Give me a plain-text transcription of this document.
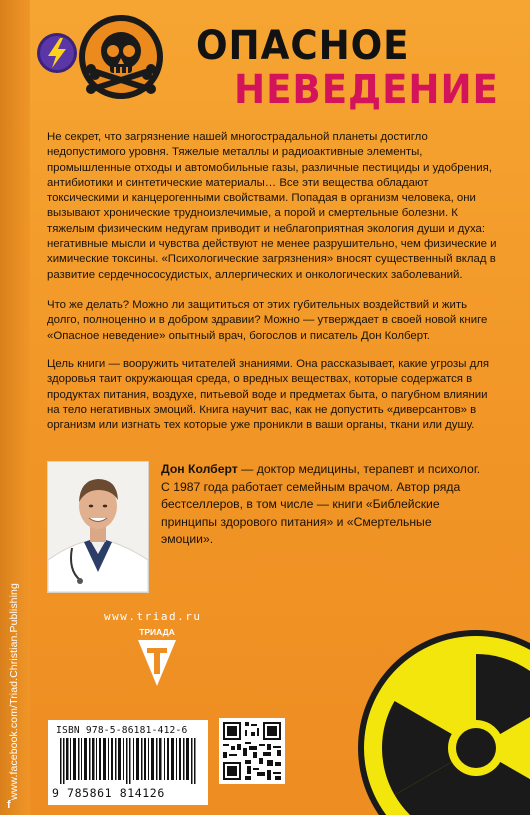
ОПАСНОЕ
НЕВЕДЕНИЕ
Не секрет, что загрязнение нашей многострадальной планеты достигло недопустимого уровня. Тяжелые металлы и радиоактивные элементы, промышленные отходы и автомобильные газы, различные пестициды и удобрения, антибиотики и синтетические материалы… Все эти вещества обладают токсическими и канцерогенными свойствами. Попадая в организм человека, они вызывают хронические трудноизлечимые, а порой и смертельные болезни. К тяжелым физическим недугам приводит и неблагоприятная экология души и духа: негативные мысли и чувства действуют не менее разрушительно, чем физические и химические токсины. «Психологические загрязнения» вносят существенный вклад в развитие сердечнососудистых, аллергических и онкологических заболеваний.
Что же делать? Можно ли защититься от этих губительных воздействий и жить долго, полноценно и в добром здравии? Можно — утверждает в своей новой книге «Опасное неведение» опытный врач, богослов и писатель Дон Колберт.
Цель книги — вооружить читателей знаниями. Она рассказывает, какие угрозы для здоровья таит окружающая среда, о вредных веществах, которые содержатся в продуктах питания, воздухе, питьевой воде и предметах быта, о пагубном влиянии на тело негативных эмоций. Книга научит вас, как не допустить «диверсантов» в организм или изгнать тех которые уже проникли в ваши органы, ткани или душу.
Дон Колберт — доктор медицины, терапевт и психолог. С 1987 года работает семейным врачом. Автор ряда бестселлеров, в том числе — книги «Библейские принципы здорового питания» и «Смертельные эмоции».
www.triad.ru
ТРИАДА
ISBN 978-5-86181-412-6
9 785861 814126
f
www.facebook.com/Triad.Christian.Publishing
